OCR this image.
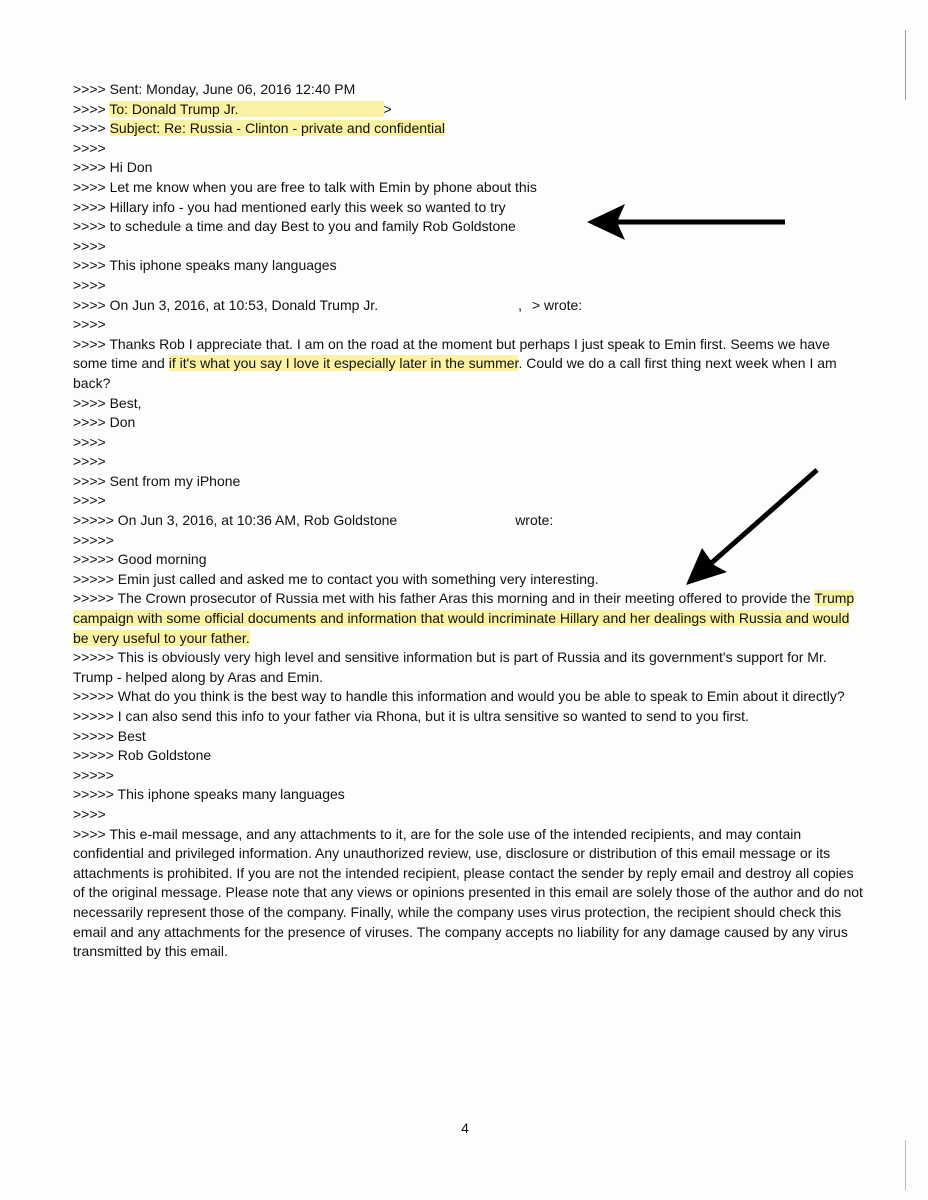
>>>> Sent: Monday, June 06, 2016 12:40 PM
>>>> To: Donald Trump Jr.	>
>>>> Subject: Re: Russia - Clinton - private and confidential
>>>>
>>>> Hi Don
>>>> Let me know when you are free to talk with Emin by phone about this
>>>> Hillary info - you had mentioned early this week so wanted to try
>>>> to schedule a time and day Best to you and family Rob Goldstone
>>>>
>>>> This iphone speaks many languages
>>>>
>>>> On Jun 3, 2016, at 10:53, Donald Trump Jr.	, > wrote:
>>>>
>>>> Thanks Rob I appreciate that. I am on the road at the moment but perhaps I just speak to Emin first. Seems we have some time and if it's what you say I love it especially later in the summer. Could we do a call first thing next week when I am back?
>>>> Best,
>>>> Don
>>>>
>>>>
>>>> Sent from my iPhone
>>>>
>>>>> On Jun 3, 2016, at 10:36 AM, Rob Goldstone	wrote:
>>>>>
>>>>> Good morning
>>>>> Emin just called and asked me to contact you with something very interesting.
>>>>> The Crown prosecutor of Russia met with his father Aras this morning and in their meeting offered to provide the Trump campaign with some official documents and information that would incriminate Hillary and her dealings with Russia and would be very useful to your father.
>>>>> This is obviously very high level and sensitive information but is part of Russia and its government's support for Mr. Trump - helped along by Aras and Emin.
>>>>> What do you think is the best way to handle this information and would you be able to speak to Emin about it directly?
>>>>> I can also send this info to your father via Rhona, but it is ultra sensitive so wanted to send to you first.
>>>>> Best
>>>>> Rob Goldstone
>>>>>
>>>>> This iphone speaks many languages
>>>>
>>>> This e-mail message, and any attachments to it, are for the sole use of the intended recipients, and may contain confidential and privileged information. Any unauthorized review, use, disclosure or distribution of this email message or its attachments is prohibited. If you are not the intended recipient, please contact the sender by reply email and destroy all copies of the original message. Please note that any views or opinions presented in this email are solely those of the author and do not necessarily represent those of the company. Finally, while the company uses virus protection, the recipient should check this email and any attachments for the presence of viruses. The company accepts no liability for any damage caused by any virus transmitted by this email.
4
